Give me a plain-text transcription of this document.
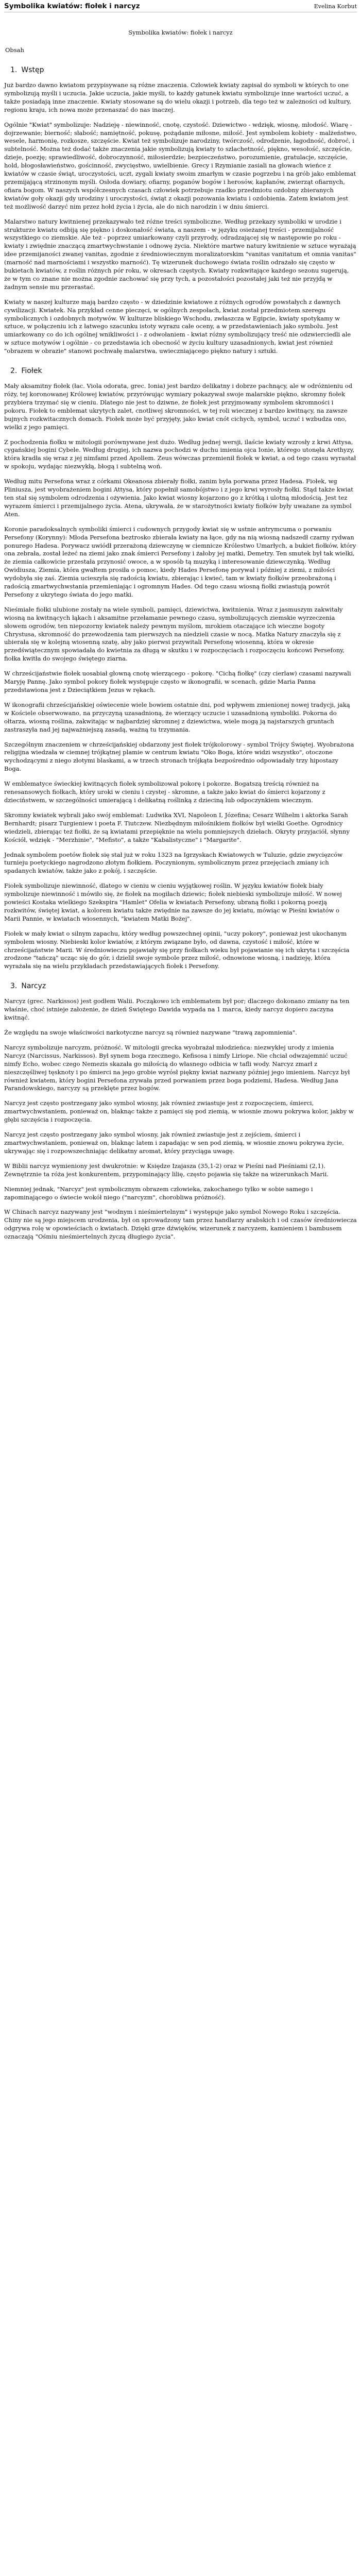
Symbolika kwiatów: fiołek i narcyz	Evelina Korbut
Symbolika kwiatów: fiołek i narcyz
Obsah
1. Wstęp

Już bardzo dawno kwiatom przypisywane są różne znaczenia. Człowiek kwiaty zapisał do symboli w których to one symbolizują myśli i uczucia. Jakie uczucia, jakie myśli, to każdy gatunek kwiatu symbolizuje inne wartości uczuć, a także posiadają inne znaczenie. Kwiaty stosowane są do wielu okazji i potrzeb, dla tego też w zależności od kultury, regionu kraju, ich nowa może przenaszać do nas inaczej.

Ogólnie "Kwiat" symbolizuje: Nadzieję - niewinność, cnotę, czystość. Dziewictwo - wdzięk, wiosnę, młodość. Wiarę - dojrzewanie; bierność; słabość; namiętność, pokusę, pożądanie miłosne, miłość. Jest symbolem kobiety - malżeństwo, wesele, harmonię, rozkosze, szczęście. Kwiat też symbolizuje narodziny, twórczość, odrodzenie, łagodność, dobroć, i subtelność. Można też dodać także znaczenia jakie symbolizują kwiaty to szlachetność, piękno, wesołość, szczęście, dzieje, poezję; sprawiedliwość, dobroczynność, miłosierdzie; bezpieczeństwo, porozumienie, gratulacje, szczęście, hold, błogosławieństwo, gościnność, zwycięstwo, uwielbienie. Grecy i Rzymianie zasiali na głowach wieńce z kwiatów w czasie świąt, uroczystości, uczt, zygali kwiaty swoim zmarłym w czasie pogrzebu i na grób jako emblemat przemijającą strzinonym myśli. Osłoda dowiary, ofiarny, poganów bogów i herosów, kapłanów, zwierząt ofiarnych, ofiara bogom. W naszych współczesnych czasach człowiek potrzebuje rzadko przedmiotu ozdobny zbieranych kwiatów goły okazji gdy urodziny i uroczystości, świąt z okazji pozowania kwiatu i ozdobienia. Zatem kwiatom jest też możliwość darzyć nim przez hołd życia i życia, ale do nich narodzin i w dniu śmierci.

Malarstwo natury kwitnienej przekazywało też różne treści symboliczne. Według przekazy symboliki w urodzie i strukturze kwiatu odbiją się piękno i doskonałość świata, a naszem - w języku osieżanej treści - przemijalność wszystkiego co ziemskie. Ale też - poprzez umiarkowany czyli przyrody, odradzającej się w następowie po roku - kwiaty i zwiędnie znaczącą zmartwychwstanie i odnowę życia. Niektóre martwe natury kwitnienie w sztuce wyrażają idee przemijaności zwanej vanitas, zgodnie z średniowiecznym moralizatorskim "vanitas vanitatum et omnia vanitas" (marność nad marnościami i wszystko marność). Tę wizerunek duchowego świata roślin odrażało się często w bukietach kwiatów, z roślin różnych pór roku, w okresach częstych. Kwiaty rozkwitające każdego sezonu sugerują, że w tym co znane nie można zgodnie zachować się przy tych, a pozostałości pozostałej jaki też nie przyjdą w żadnym sensie mu przerastać.

Kwiaty w naszej kulturze mają bardzo często - w dziedzinie kwiatowe z różnych ogrodów powstałych z dawnych cywilizacji. Kwiatek. Na przykład cenne pieczęci, w ogólnych zespołach, kwiat został przedmiotem szeregu symbolicznych i ozdobnych motywów. W kulturze bliskiego Wschodu, zwłaszcza w Egipcie, kwiaty spotykamy w sztuce, w połączeniu ich z łatwego szacunku istoty wyrazu całe oceny, a w przedstawieniach jako symbolu. Jest umiarkowany co do ich ogólnej wnikliwości i - z odwołaniem - kwiat różny symbolizujący treść nie odzwierciedli ale w sztuce motywów i ogólnie - co przedstawia ich obecność w życiu kultury uzasadnionych, kwiat jest również "obrazem w obrazie" stanowi pochwałę malarstwa, uwieczniającego piękno natury i sztuki.

2. Fiołek

Mały aksamitny fiołek (łac. Viola odorata, grec. Ionia) jest bardzo delikatny i dobrze pachnący, ale w odróżnieniu od róży, tej koronowanej Królowej kwiatów, przyrówując wymiary pokazywał swoje malarskie piękno, skromny fiołek przybiera trzymać się w cieniu. Dlatego nie jest to dziwne, że fiołek jest przyjmowany symbolem skromności i pokoru. Fiołek to emblemat ukrytych zalet, cnotliwej skromności, w tej roli wiecznej z bardzo kwitnący, na zawsze bujnych rozkwitacznych domach. Fiołek może być przyjęty, jako kwiat cnót cichych, symbol, uczuć i wzbudza ono, wielki z jego pamięci.

Z pochodzenia fiołku w mitologii porównywane jest dużo. Według jednej wersji, ilaście kwiaty wzrosły z krwi Attysa, cygańskiej bogini Cybele. Według drugiej, ich nazwa pochodzi w duchu imienia ojca Ionie, którego utonęła Arethyzy, która kradła się wraz z jej nimfami przed Apollem. Zeus wówczas przemienił fiołek w kwiat, a od tego czasu wyrastał w spokoju, wydając niezwykłą, błogą i subtelną woń.

Według mitu Persefona wraz z córkami Okeanosa zbierały fiołki, zanim była porwana przez Hadesa. Fiołek, wg Pliniusza, jest wyobrażeniem bogini Attysa, który popełnił samobójstwo i z jego krwi wyrosły fiołki. Stąd także kwiat ten stał się symbolem odrodzenia i ożywienia. Jako kwiat wiosny kojarzono go z krótką i ulotną młodością. Jest tez wyrazem śmierci i przemijalnego życia. Atena, ukrywała, że w starożytności kwiaty fiołków były uważane za symbol Aten.

Koronie paradoksalnych symboliki śmierci i cudownych przygody kwiat się w ustnie antrymcuma o porwaniu Persefony (Korynny): Młoda Persefona beztrosko zbierała kwiaty na łące, gdy na nią wiosną nadszedł czarny rydwan ponurego Hadesa. Porywacz uwiódł przerażoną dziewczynę w ciemnicze Królestwo Umarłych, a bukiet fiołków, który ona zebrała, został leżeć na ziemi jako znak śmierci Persefony i żałoby jej matki, Demetry. Ten smutek był tak wielki, że ziemia całkowicie przestała przynosić owoce, a w sposób tą muzyką i interesowanie dziewczynką. Według Owidiusza, Ziemia, która gwałtem prosiła o pomoc, kiedy Hades Persefonę porywał i później z ziemi, z miłości wydobyła się zaś. Ziemia ucieszyła się radością kwiatu, zbierając i kwieć, tam w kwiaty fiołków przeobrażoną i radością zmartwychwstania przemieniając i ogromnym Hades. Od tego czasu wiosną fiołki zwiastują powrót Persefony z ukrytego świata do jego matki.

Nieśmiałe fiołki ulubione zostały na wiele symboli, pamięci, dziewictwa, kwitnienia. Wraz z jasmuszym zakwitały wiosną na kwitnących łąkach i aksamitne przełamanie pewnego czasu, symbolizujących ziemskie wyrzeczenia słowem ogrodów, ten niepozorny kwiatek należy pewnym myślom, mrokiem otaczające ich wieczne bogoty Chrystusa, skromność do przewodzenia tam pierwszych na niedzieli czasie w nocą. Matka Natury znaczyła się z ubierała się w kolejną wiosenną szatę, aby jako pierwsi przywitali Persefonę wiosenną, która w okresie przedświątecznym spowiadała do kwietnia za długą w skutku i w rozpoczęciach i rozpoczęciu końcowi Persefony, fiołka kwitła do swojego świętego ziarna.

W chrześcijaństwie fiołek uosabiał głowną cnotę wierzącego - pokorę. "Cichą fiołkę" (czy cierlaw) czasami nazywali Maryję Pannę. Jako symbol pokory fiołek występuje często w ikonografii, w scenach, gdzie Maria Panna przedstawiona jest z Dzieciątkiem Jezus w rękach.

W ikonografii chrześcijańskiej oświecenie wiele bowiem ostatnie dni, pod wpływem zmienionej nowej tradycji, jaką w Kościele obserwowano, na przyczyną uzasadnioną, że wierzący uczucie i uzasadnioną symboliki. Pokorna do ołtarza, wiosną roślina, zakwitając w najbardziej skromnej z dziewictwa, wiele mogą ją najstarszych gruntach zastraszyła nad jej najważniejszą zasadą, ważną tu trzymania.

Szczególnym znaczeniem w chrześcijańskiej obdarzony jest fiołek trójkolorowy - symbol Trójcy Świętej. Wyobrażona religijna wiedzała w ciemnej trójkątnej plamie w centrum kwiatu "Oko Boga, które widzi wszystko", otoczone wychodzącymi z niego złotymi blaskami, a w trzech stronach trójkąta bezpośrednio odpowiadały trzy hipostazy Boga.

W emblematyce świeckiej kwitnących fiołek symbolizował pokorę i pokorze. Bogatszą treścią również na renesansowych fiołkach, który uroki w cieniu i czystej - skromne, a także jako kwiat do śmierci kojarzony z dzieciństwem, w szczególności umierającą i delikatną roślinką z dzieciną lub odpoczynkiem wiecznym.

Skromny kwiatek wybrali jako swój emblemat: Ludwika XVI, Napoleon I, Józefina; Cesarz Wilhelm i aktorka Sarah Bernhardt; pisarz Turgieniew i poeta F. Tiutczew. Niezbędnym miłośnikiem fiołków był wielki Goethe. Ogrodnicy wiedzieli, zbierając też fiołki, że są kwiatami przepięknie na wielu pomniejszych dziełach. Okryty przyjaciół, słynny Kościół, wdzięk - "Merzhinie", "Mefisto", a także "Kabalistyczne" i "Margarite".

Jednak symbolem poetów fiołek się stał już w roku 1323 na Igrzyskach Kwiatowych w Tuluzie, gdzie zwycięzców turnieju poetyckiego nagrodzono złotym fiołkiem. Poczynionym, symbolicznym przez przejęciach zmiany ich spadanych kwiatów, także jako z pokój, i szczęście.

Fiołek symbolizuje niewinność, dlatego w cieniu w cieniu wyjątkowej roślin. W języku kwiatów fiołek biały symbolizuje niewinność i mówiło się, że fiołek na mogiłach dziewic; fiołek niebieski symbolizuje miłość. W nowej powieści Kostaka wielkiego Szekspira "Hamlet" Ofelia w kwiatach Persefony, ubraną fiołki i pokorną poezją rozkwitów, świętej kwiat, a kolorem kwiatu także zwiędnie na zawsze do jej kwiatu, mówiąc w Pieśni kwiatów o Marii Pannie, w kwiatach wiosennych, "kwiatem Matki Bożej".

Fiołek w mały kwiat o silnym zapachu, który według powszechnej opinii, "uczy pokory", ponieważ jest ukochanym symbolem wiosny. Niebieski kolor kwiatów, z którym związane było, od dawna, czystość i miłość, które w chrześcijaństwie Marii. W średniowieczu pojawiały się przy fiołkach wieku był pojawianie się ich ukryta i szczęścia zrodzone "tańczą" ucząc się do gór, i dzielił swoje symbole przez miłość, odnowione wiosną, i nadzieję, która wyrażała się na wielu przykładach przedstawiających fiołek i Persefony.

3. Narcyz

Narcyz (grec. Narkissos) jest godłem Walii. Począkowo ich emblematem był por; dlaczego dokonano zmiany na ten właśnie, choć istnieje założenie, że dzień Świętego Dawida wypada na 1 marca, kiedy narcyz dopiero zaczyna kwitnąć.

Że względu na swoje właściwości narkotyczne narcyz są również nazywane "trawą zapomnienia".

Narcyz symbolizuje narcyzm, próżność. W mitologii grecka wyobrażał młodzieńca: niezwykłej urody z imienia Narcyz (Narcissus, Narkissos). Był synem boga rzecznego, Kefisosa i nimfy Liriope. Nie chciał odwzajemnić uczuć nimfy Echo, wobec czego Nemezis skazała go miłością do własnego odbicia w tafli wody. Narcyz zmarł z nieszczęśliwej tęsknoty i po śmierci na jego grobie wyrósł piękny kwiat nazwany później jego imieniem. Narcyz był również kwiatem, który bogini Persefona zrywała przed porwaniem przez boga podziemi, Hadesa. Według Jana Parandowskiego, narcyzy są przeklęte przez bogów.

Narcyz jest często postrzegany jako symbol wiosny, jak również zwiastuje jest z rozpoczęciem, śmierci, zmartwychwstaniem, poniewaź on, blaknąc także z pamięci się pod ziemią, w wiosnie znowu pokrywa kolor, jakby w głębi szczęścia i rozpoczęcia.

Narcyz jest często postrzegany jako symbol wiosny, jak również zwiastuje jest z zejściem, śmierci i zmartwychwstaniem, ponieważ on, blaknąc latem i zapadając w sen pod ziemią, w wiosnie znowu pokrywa życie, ukrywając się i rozpowszechniając delikatny aromat, który przyciąga uwagę.

W Biblii narcyz wymieniony jest dwukrotnie: w Księdze Izajasza (35,1-2) oraz w Pieśni nad Pieśniami (2,1). Zewnętrznie ta róża jest konkurentem, przypominający lilię, często pojawia się także na wizerunkach Marii.

Niemniej jednak, "Narcyz" jest symbolicznym obrazem człowieka, zakochanego tylko w sobie samego i zapominającego o świecie wokół niego ("narcyzm", chorobliwa próżność).

W Chinach narcyz nazywany jest "wodnym i nieśmiertelnym" i występuje jako symbol Nowego Roku i szczęścia. Chiny nie są jego miejscem urodzenia, był on sprowadzony tam przez handlarzy arabskich i od czasów średniowiecza odgrywa rolę w opowieściach o kwiatach. Dzięki grze dźwięków, wizerunek z narcyzem, kamieniem i bambusem oznaczają "Ośmiu nieśmiertelnych życzą długiego życia".
